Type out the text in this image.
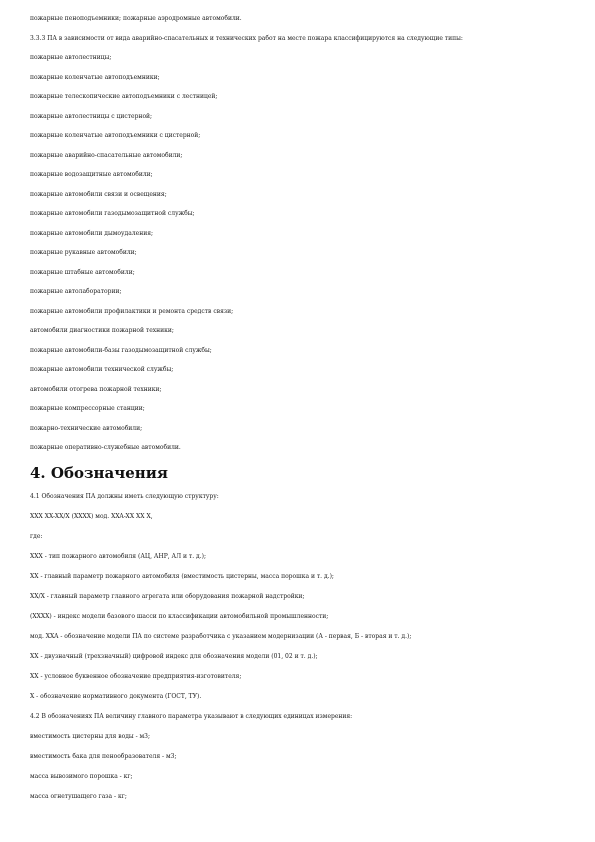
пожарные пеноподъемники; пожарные аэродромные автомобили.
3.3.3 ПА в зависимости от вида аварийно-спасательных и технических работ на месте пожара классифицируются на следующие типы:
пожарные автолестницы;
пожарные коленчатые автоподъемники;
пожарные телескопические автоподъемники с лестницей;
пожарные автолестницы с цистерной;
пожарные коленчатые автоподъемники с цистерной;
пожарные аварийно-спасательные автомобили;
пожарные водозащитные автомобили;
пожарные автомобили связи и освещения;
пожарные автомобили газодымозащитной службы;
пожарные автомобили дымоудаления;
пожарные рукавные автомобили;
пожарные штабные автомобили;
пожарные автолаборатории;
пожарные автомобили профилактики и ремонта средств связи;
автомобили диагностики пожарной техники;
пожарные автомобили-базы газодымозащитной службы;
пожарные автомобили технической службы;
автомобили отогрева пожарной техники;
пожарные компрессорные станции;
пожарно-технические автомобили;
пожарные оперативно-служебные автомобили.
4. Обозначения
4.1 Обозначения ПА должны иметь следующую структуру:
XXX XX-XX/X (XXXX) мод. XXA-XX XX X,
где:
XXX - тип пожарного автомобиля (АЦ, АНР, АЛ и т. д.);
XX - главный параметр пожарного автомобиля (вместимость цистерны, масса порошка и т. д.);
XX/X - главный параметр главного агрегата или оборудования пожарной надстройки;
(XXXX) - индекс модели базового шасси по классификации автомобильной промышленности;
мод. XXA - обозначение модели ПА по системе разработчика с указанием модернизации (А - первая, Б - вторая и т. д.);
XX - двузначный (трехзначный) цифровой индекс для обозначения модели (01, 02 и т. д.);
XX - условное буквенное обозначение предприятия-изготовителя;
X - обозначение нормативного документа (ГОСТ, ТУ).
4.2 В обозначениях ПА величину главного параметра указывают в следующих единицах измерения:
вместимость цистерны для воды - м3;
вместимость бака для пенообразователя - м3;
масса вывозимого порошка - кг;
масса огнетушащего газа - кг;
